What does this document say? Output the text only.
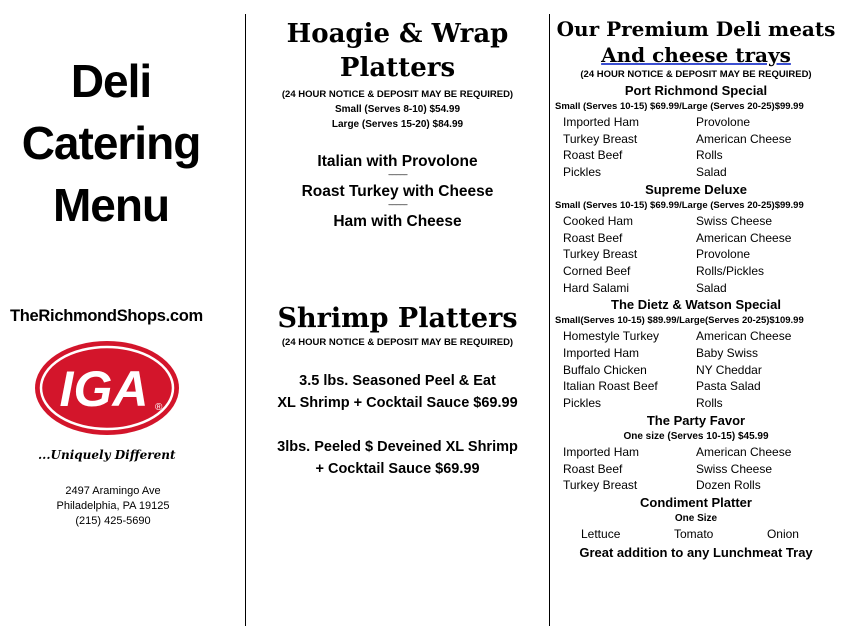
Deli
Catering
Menu
TheRichmondShops.com
IGA ®
...Uniquely Different
2497 Aramingo Ave
Philadelphia, PA 19125
(215) 425-5690
Hoagie & Wrap
Platters
(24 HOUR NOTICE & DEPOSIT MAY BE REQUIRED)
Small (Serves 8-10) $54.99
Large (Serves 15-20) $84.99
Italian with Provolone
--------------
Roast Turkey with Cheese
--------------
Ham with Cheese
Shrimp Platters
(24 HOUR NOTICE & DEPOSIT MAY BE REQUIRED)
3.5 lbs. Seasoned Peel & Eat
XL Shrimp + Cocktail Sauce $69.99
3lbs. Peeled $ Deveined XL Shrimp
+ Cocktail Sauce $69.99
Our Premium Deli meats
And cheese trays
(24 HOUR NOTICE & DEPOSIT MAY BE REQUIRED)
Port Richmond Special
Small (Serves 10-15) $69.99/Large (Serves 20-25)$99.99
Imported Ham	Provolone
Turkey Breast	American Cheese
Roast Beef	Rolls
Pickles	Salad
Supreme Deluxe
Small (Serves 10-15) $69.99/Large (Serves 20-25)$99.99
Cooked Ham	Swiss Cheese
Roast Beef	American Cheese
Turkey Breast	Provolone
Corned Beef	Rolls/Pickles
Hard Salami	Salad
The Dietz & Watson Special
Small(Serves 10-15) $89.99/Large(Serves 20-25)$109.99
Homestyle Turkey	American Cheese
Imported Ham	Baby Swiss
Buffalo Chicken	NY Cheddar
Italian Roast Beef	Pasta Salad
Pickles	Rolls
The Party Favor
One size (Serves 10-15) $45.99
Imported Ham	American Cheese
Roast Beef	Swiss Cheese
Turkey Breast	Dozen Rolls
Condiment Platter
One Size
Lettuce	Tomato	Onion
Great addition to any Lunchmeat Tray
